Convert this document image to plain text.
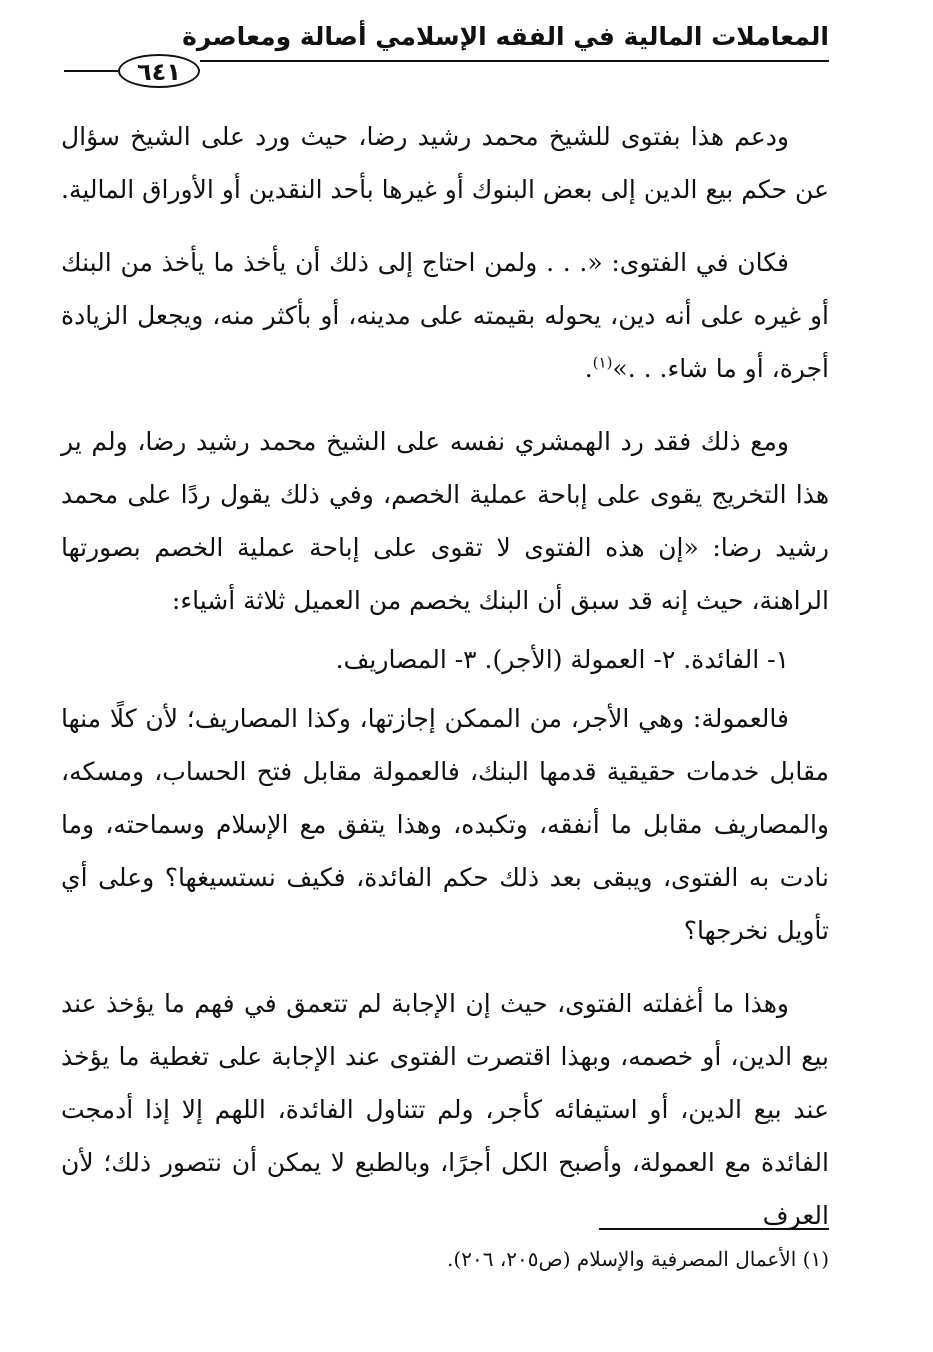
المعاملات المالية في الفقه الإسلامي أصالة ومعاصرة
٦٤١

ودعم هذا بفتوى للشيخ محمد رشيد رضا، حيث ورد على الشيخ سؤال عن حكم بيع الدين إلى بعض البنوك أو غيرها بأحد النقدين أو الأوراق المالية.

فكان في الفتوى: «. . . ولمن احتاج إلى ذلك أن يأخذ ما يأخذ من البنك أو غيره على أنه دين، يحوله بقيمته على مدينه، أو بأكثر منه، ويجعل الزيادة أجرة، أو ما شاء. . .»$^{(١)}$.

ومع ذلك فقد رد الهمشري نفسه على الشيخ محمد رشيد رضا، ولم ير هذا التخريج يقوى على إباحة عملية الخصم، وفي ذلك يقول ردًا على محمد رشيد رضا: «إن هذه الفتوى لا تقوى على إباحة عملية الخصم بصورتها الراهنة، حيث إنه قد سبق أن البنك يخصم من العميل ثلاثة أشياء:

١- الفائدة. ٢- العمولة (الأجر). ٣- المصاريف.

فالعمولة: وهي الأجر، من الممكن إجازتها، وكذا المصاريف؛ لأن كلًا منها مقابل خدمات حقيقية قدمها البنك، فالعمولة مقابل فتح الحساب، ومسكه، والمصاريف مقابل ما أنفقه، وتكبده، وهذا يتفق مع الإسلام وسماحته، وما نادت به الفتوى، ويبقى بعد ذلك حكم الفائدة، فكيف نستسيغها؟ وعلى أي تأويل نخرجها؟

وهذا ما أغفلته الفتوى، حيث إن الإجابة لم تتعمق في فهم ما يؤخذ عند بيع الدين، أو خصمه، وبهذا اقتصرت الفتوى عند الإجابة على تغطية ما يؤخذ عند بيع الدين، أو استيفائه كأجر، ولم تتناول الفائدة، اللهم إلا إذا أدمجت الفائدة مع العمولة، وأصبح الكل أجرًا، وبالطبع لا يمكن أن نتصور ذلك؛ لأن العرف

(١) الأعمال المصرفية والإسلام (ص٢٠٥، ٢٠٦).
